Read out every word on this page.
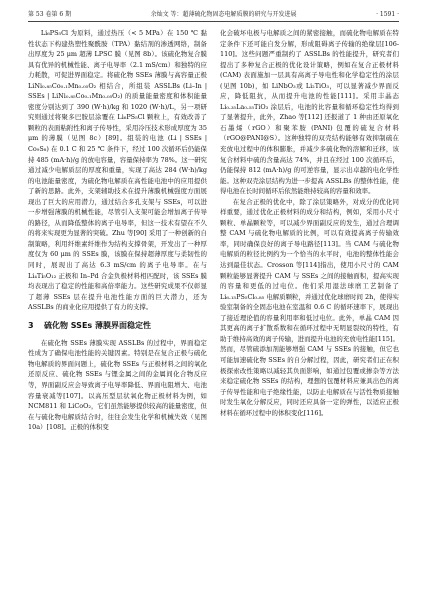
第 53 卷第 6 期	余灿文 等：超薄硫化物固态电解质膜的研究与开发进展	· 1591 ·

Li₆PS₅Cl 为原料，通过热压（< 5 MPa）在 150 ℃ 黏性状态下构建热塑性聚酰胺（TPA）黏结剂的渗透网络，制备出厚度为 25 μm 超薄 LPSC 膜（见图 8b）。该硫化物复合膜具有优异的机械性能、离子电导率（2.1 mS/cm）和独特的应力耗散，可促进界面稳定。将硫化物 SSEs 薄膜与高容量正极 LiNi₀.₈₅Co₀.₁Mn₀.₀₅O₂ 相结合，所组装 ASSLBs (Li–In | SSEs | LiNi₀.₈₅Co₀.₁Mn₀.₀₅O₂) 的质量能量密度和体积能量密度分别达到了 390 (W·h)/kg 和 1020 (W·h)/L，另一项研究则通过将聚多巴胺层涂覆在 Li₆PS₅Cl 颗粒上，有效改善了颗粒的表面粘附性和离子传导性，采用冷压技术形成厚度为 35 μm 的薄膜（见图 8c）[89]。组装的电池 (Li | SSEs | Co₉S₈) 在 0.1 C 和 25 ℃ 条件下，经过 100 次循环后仍能保持 485 (mA·h)/g 的放电容量，容量保持率为 78%。这一研究通过减少电解质层的厚度和重量，实现了高达 284 (W·h)/kg 的电池能量密度，为硫化物电解质在高性能电池中的应用提供了新的思路。此外，支架辅助技术在提升薄膜机械强度方面展现出了巨大的应用潜力，通过结合多孔支架与 SSEs，可以进一步增强薄膜的机械性能，尽管引入支架可能会增加离子传导的路径，从而降低整体的离子电导率，但这一技术有望在不久的将来实现更为显著的突破。Zhu 等[90] 采用了一种创新的自制策略，利用纤维素纤维作为结构支撑骨架，开发出了一种厚度仅为 60 μm 的 SSEs 膜，该膜在保持超薄厚度与柔韧性的同时，展现出了高达 6.3 mS/cm 的离子电导率。在与 Li₄Ti₅O₁₂ 正极和 In–Pd 合金负极材料相匹配时，该 SSEs 膜均表现出了稳定的性能和高倍率能力。这些研究成果不仅彰显了超薄 SSEs 层在提升电池性能方面的巨大潜力，还为 ASSLBs 的商业化应用提供了有力的支撑。

3 硫化物 SSEs 薄膜界面稳定性

在硫化物 SSEs 薄膜实现 ASSLBs 的过程中，界面稳定性成为了确保电池性能的关键因素。特别是在复合正极与硫化物电解质的界面问题上，硫化物 SSEs 与正极材料之间的氧化还原反应、硫化物 SSEs 与锂金属之间的金属间化合物反应等，界面副反应会导致离子电导率降低、界面电阻增大、电池容量衰减等[107]。以高压型层状氧化物正极材料为例，如 NCM811 和 LiCoO₂，它们虽然能够提供较高的能量密度，但在与硫化物电解质结合时，往往会发生化学和机械失效（见图 10a）[108]。正极的体积变

化会破坏电极与电解质之间的紧密接触，而硫化物电解质在特定条件下还可能自发分解，形成阻碍离子传输的绝缘层[106-110]。这些问题严重制约了 ASSLBs 的性能提升，研究者们提出了多种复合正极的优化设计策略，例如在复合正极材料(CAM) 表面施加一层具有高离子导电性和化学稳定性的涂层(见图 10b)，如 LiNbO₃或 Li₂TiO₃，可以显著减少界面反应，降低阻抗，从而提升电池的性能[111]。采用丰晶态 Li₀.₃₅La₀.₅₅TiO₃ 涂层后，电池的比容量和循环稳定性均得到了显著提升，此外，Zhao 等[112] 还报道了 1 种由还原氧化石墨烯（rGO）和聚苯胺 (PANI) 包覆的硫复合材料（rGO@PANI@S）。这种独特的双壳结构能够有效抑制硫在充放电过程中的体积膨胀，并减少多硫化物的溶解和迁移，该复合材料中硫的含量高达 74%，并且在经过 100 次循环后，仍能保持 812 (mA·h)/g 的可逆容量，显示出卓越的电化学性能。这种双壳涂层结构为进一步提高 ASSLBs 的整体性能，使得电池在长时间循环后依然能维持较高的容量和效率。

在复合正极的优化中，除了涂层策略外，对成分的优化同样重要，通过优化正极材料的成分和结构，例如，采用小尺寸颗粒、单晶颗粒等，可以减少界面副反应的发生，通过合理调整 CAM 与硫化物电解质的比例，可以有效提高离子传输效率，同时确保良好的离子导电路径[113]。当 CAM 与硫化物电解质的粒径比例约为一个恰当的水平时，电池的整体性能会达到最佳状态。Crosson 等[114]指出，使用小尺寸的 CAM 颗粒能够显著提升 CAM 与 SSEs 之间的接触面积，提高实现的容量和更低的过电位。他们采用湿法球磨工艺制备了 Li₆.₁₅PS₅Cl₀.₈₅ 电解质颗粒，并通过优化球磨时间 2h，使得实验室制备的全固态电池在室温和 0.6 C 的循环速率下，展现出了接近理论值的容量利用率和低过电位。此外，单晶 CAM 因其更高的离子扩散系数和在循环过程中无明显裂纹的特性，有助于维持高效的离子传输，进而提升电池的充放电性能[115]。然而，尽管硫添加剂能够增强 CAM 与 SSEs 的接触，但它也可能加速硫化物 SSEs 的自分解过程，因此，研究者们正在积极探索改性策略以减轻其负面影响，如通过包覆或掺杂等方法来稳定硫化物 SSEs 的结构，理想的包覆材料应兼具出色的离子传导性能和电子绝缘性能，以防止电解质在与活性物质接触时发生氧化分解反应，同时还应具备一定的弹性，以适应正极材料在循环过程中的体积变化[116]。
